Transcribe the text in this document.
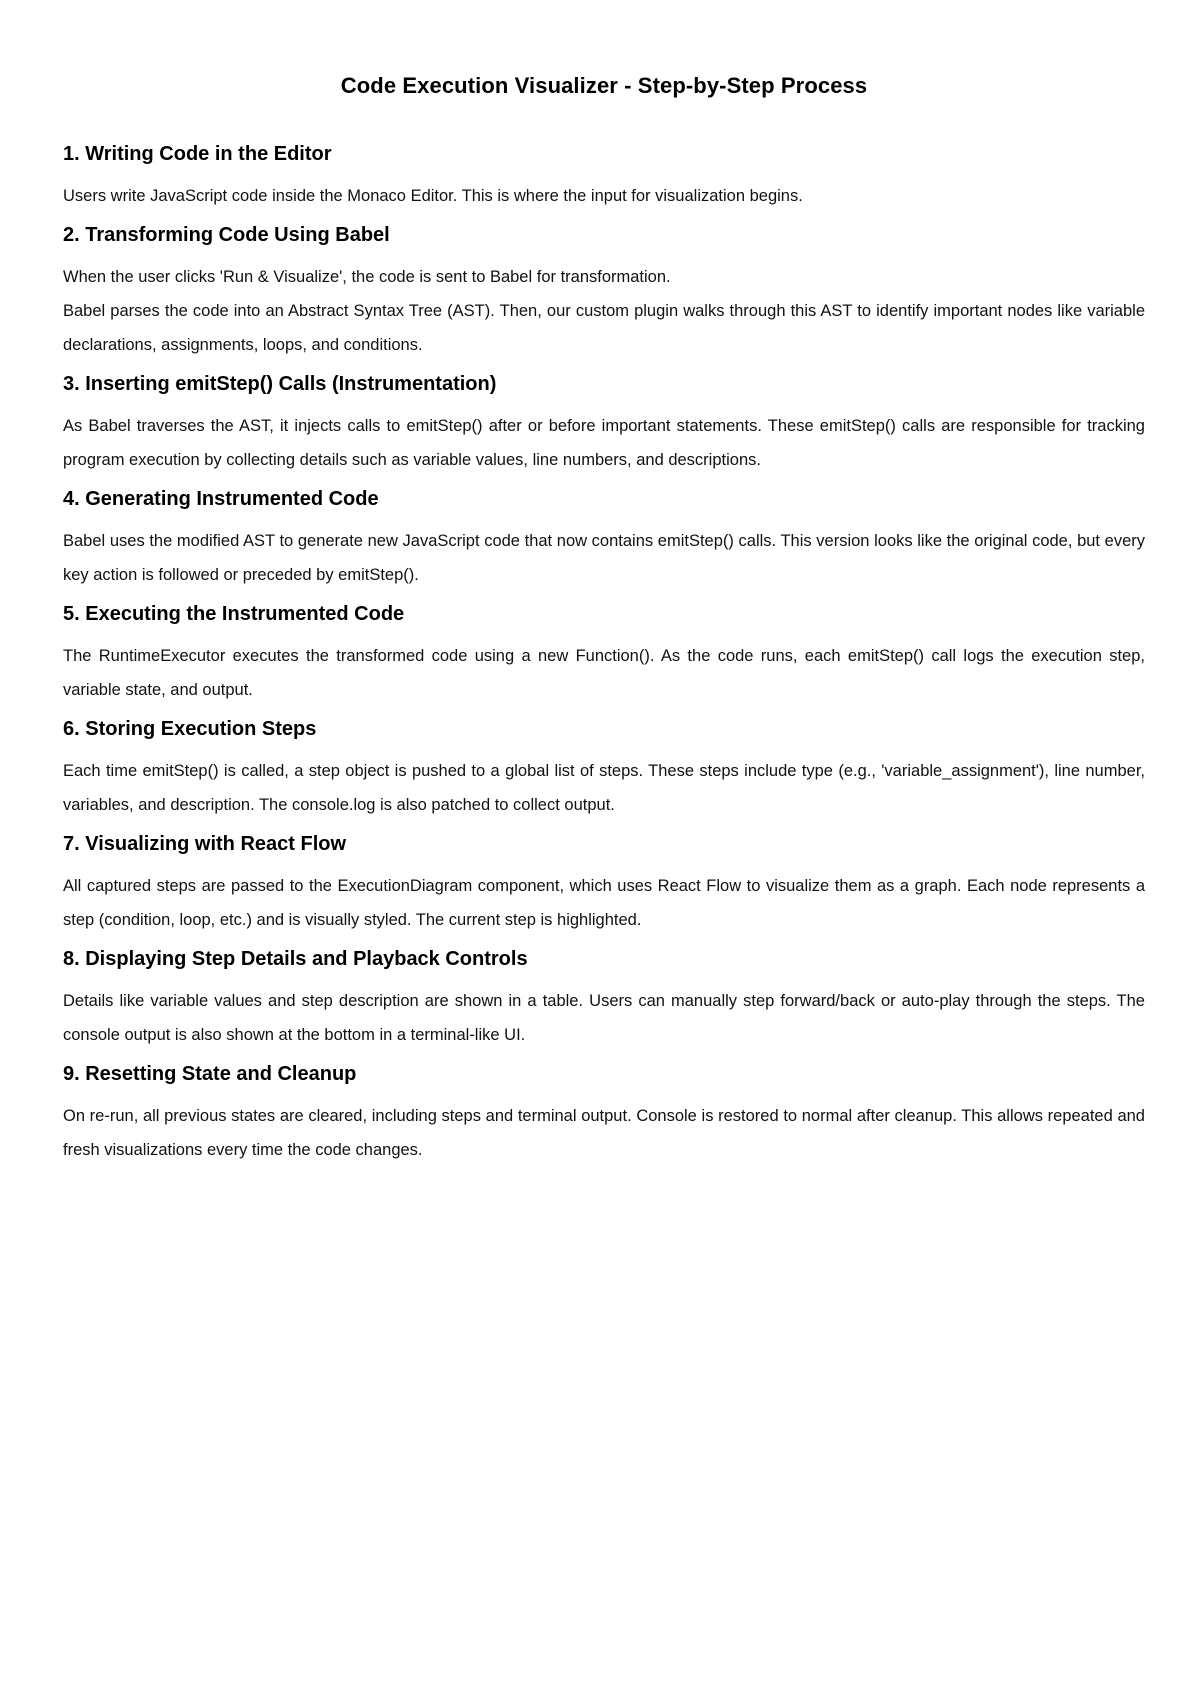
Code Execution Visualizer - Step-by-Step Process
1. Writing Code in the Editor

Users write JavaScript code inside the Monaco Editor. This is where the input for visualization begins.

2. Transforming Code Using Babel

When the user clicks 'Run & Visualize', the code is sent to Babel for transformation.

Babel parses the code into an Abstract Syntax Tree (AST). Then, our custom plugin walks through this AST to identify important nodes like variable declarations, assignments, loops, and conditions.

3. Inserting emitStep() Calls (Instrumentation)

As Babel traverses the AST, it injects calls to emitStep() after or before important statements. These emitStep() calls are responsible for tracking program execution by collecting details such as variable values, line numbers, and descriptions.

4. Generating Instrumented Code

Babel uses the modified AST to generate new JavaScript code that now contains emitStep() calls. This version looks like the original code, but every key action is followed or preceded by emitStep().

5. Executing the Instrumented Code

The RuntimeExecutor executes the transformed code using a new Function(). As the code runs, each emitStep() call logs the execution step, variable state, and output.

6. Storing Execution Steps

Each time emitStep() is called, a step object is pushed to a global list of steps. These steps include type (e.g., 'variable_assignment'), line number, variables, and description. The console.log is also patched to collect output.

7. Visualizing with React Flow

All captured steps are passed to the ExecutionDiagram component, which uses React Flow to visualize them as a graph. Each node represents a step (condition, loop, etc.) and is visually styled. The current step is highlighted.

8. Displaying Step Details and Playback Controls

Details like variable values and step description are shown in a table. Users can manually step forward/back or auto-play through the steps. The console output is also shown at the bottom in a terminal-like UI.

9. Resetting State and Cleanup

On re-run, all previous states are cleared, including steps and terminal output. Console is restored to normal after cleanup. This allows repeated and fresh visualizations every time the code changes.
